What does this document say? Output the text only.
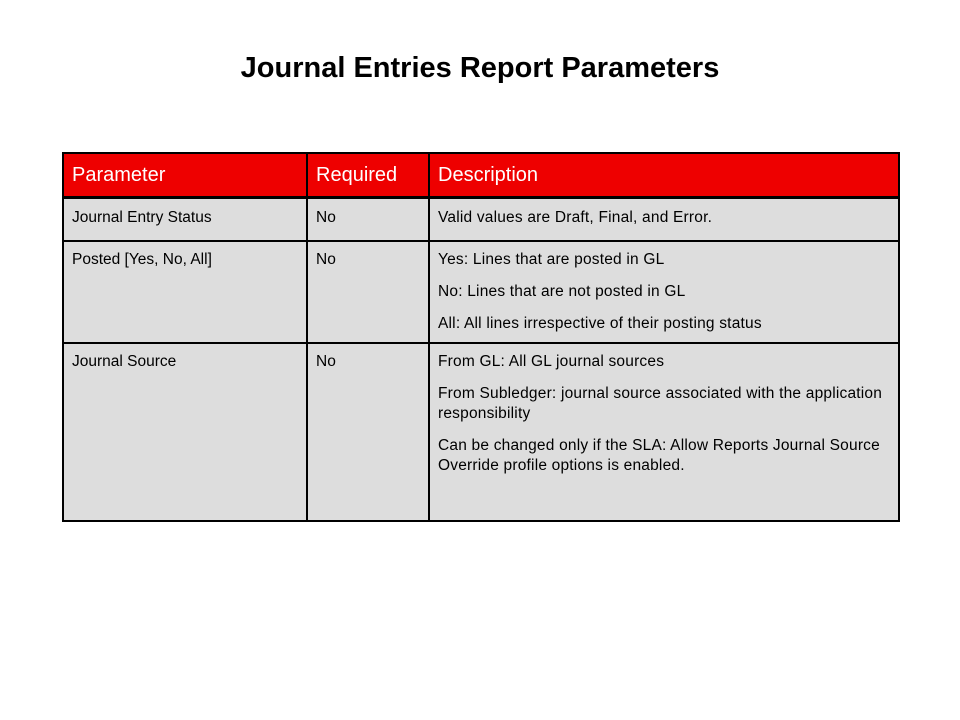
Journal Entries Report Parameters
Parameter	Required	Description

Journal Entry Status	No	Valid values are Draft, Final, and Error.

Posted [Yes, No, All]	No	Yes: Lines that are posted in GL
No: Lines that are not posted in GL
All: All lines irrespective of their posting status

Journal Source	No	From GL: All GL journal sources
From Subledger: journal source associated with the application responsibility
Can be changed only if the SLA: Allow Reports Journal Source Override profile options is enabled.
